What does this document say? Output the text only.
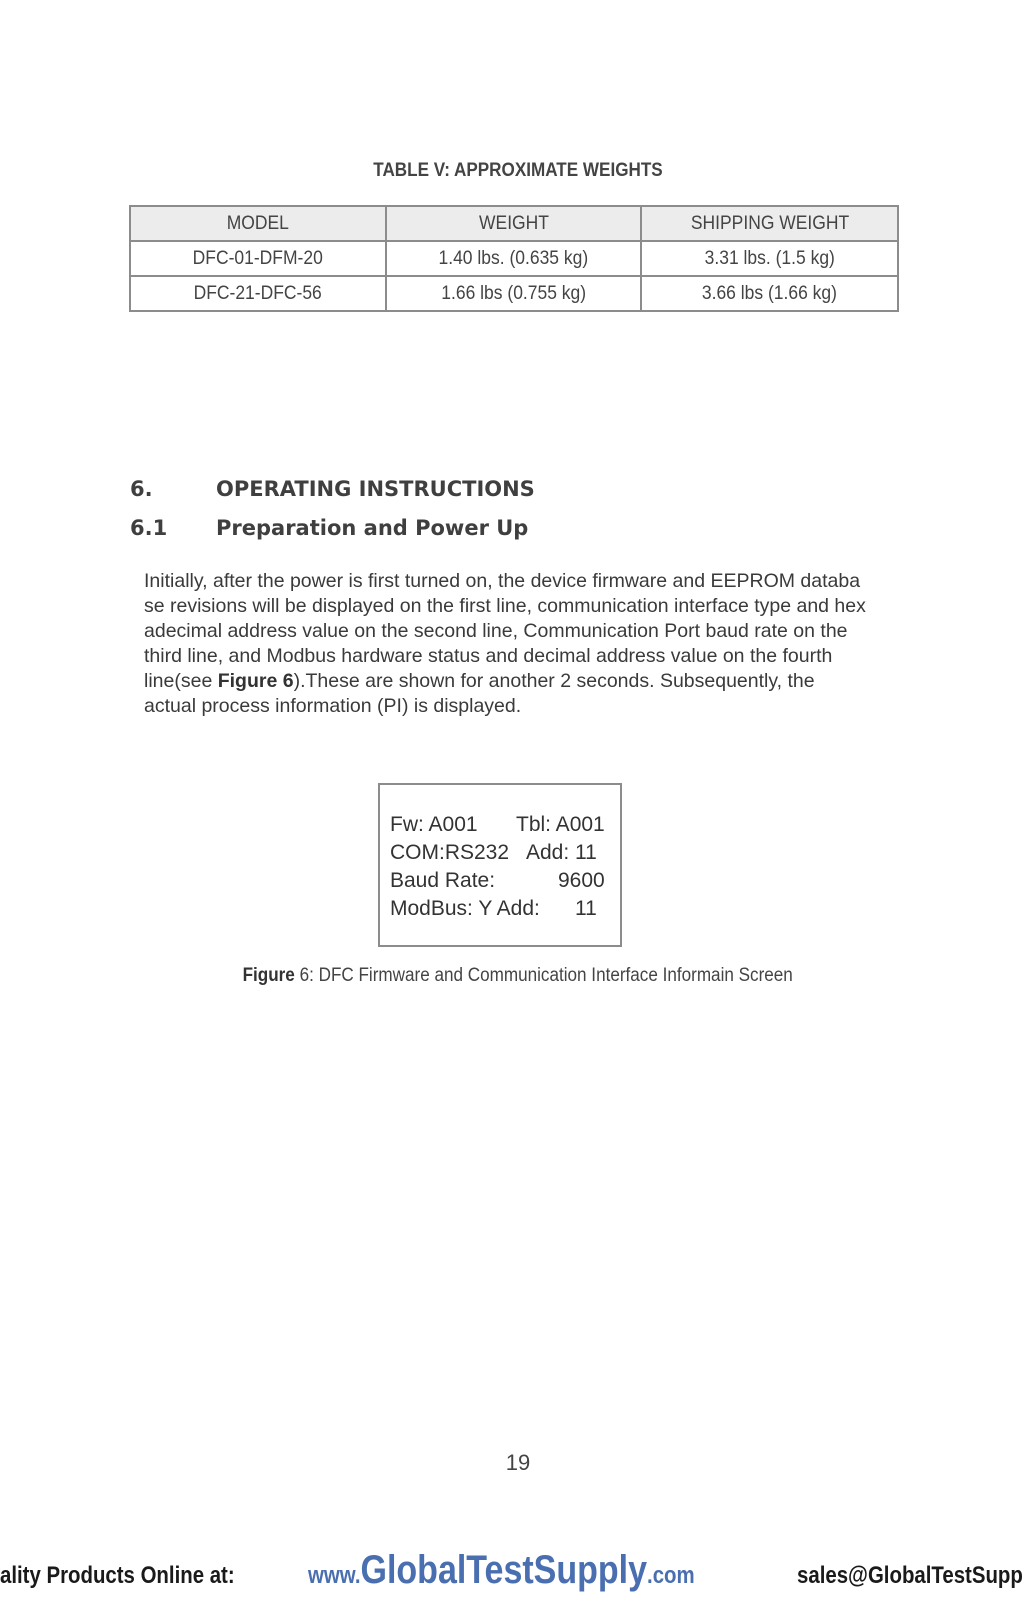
TABLE V: APPROXIMATE WEIGHTS
MODEL	WEIGHT	SHIPPING WEIGHT
DFC-01-DFM-20	1.40 lbs. (0.635 kg)	3.31 lbs. (1.5 kg)
DFC-21-DFC-56	1.66 lbs (0.755 kg)	3.66 lbs (1.66 kg)
6.	OPERATING INSTRUCTIONS
6.1 Preparation and Power Up
Initially, after the power is first turned on, the device firmware and EEPROM databa
se revisions will be displayed on the first line, communication interface type and hex
adecimal address value on the second line, Communication Port baud rate on the
third line, and Modbus hardware status and decimal address value on the fourth
line(see Figure 6).These are shown for another 2 seconds. Subsequently, the
actual process information (PI) is displayed.
Fw: A001 Tbl: A001
COM:RS232 Add: 11
Baud Rate:	9600
ModBus: Y Add: 11
Figure 6: DFC Firmware and Communication Interface Informain Screen
19
ality Products Online at:	www.GlobalTestSupply.com	sales@GlobalTestSupp
